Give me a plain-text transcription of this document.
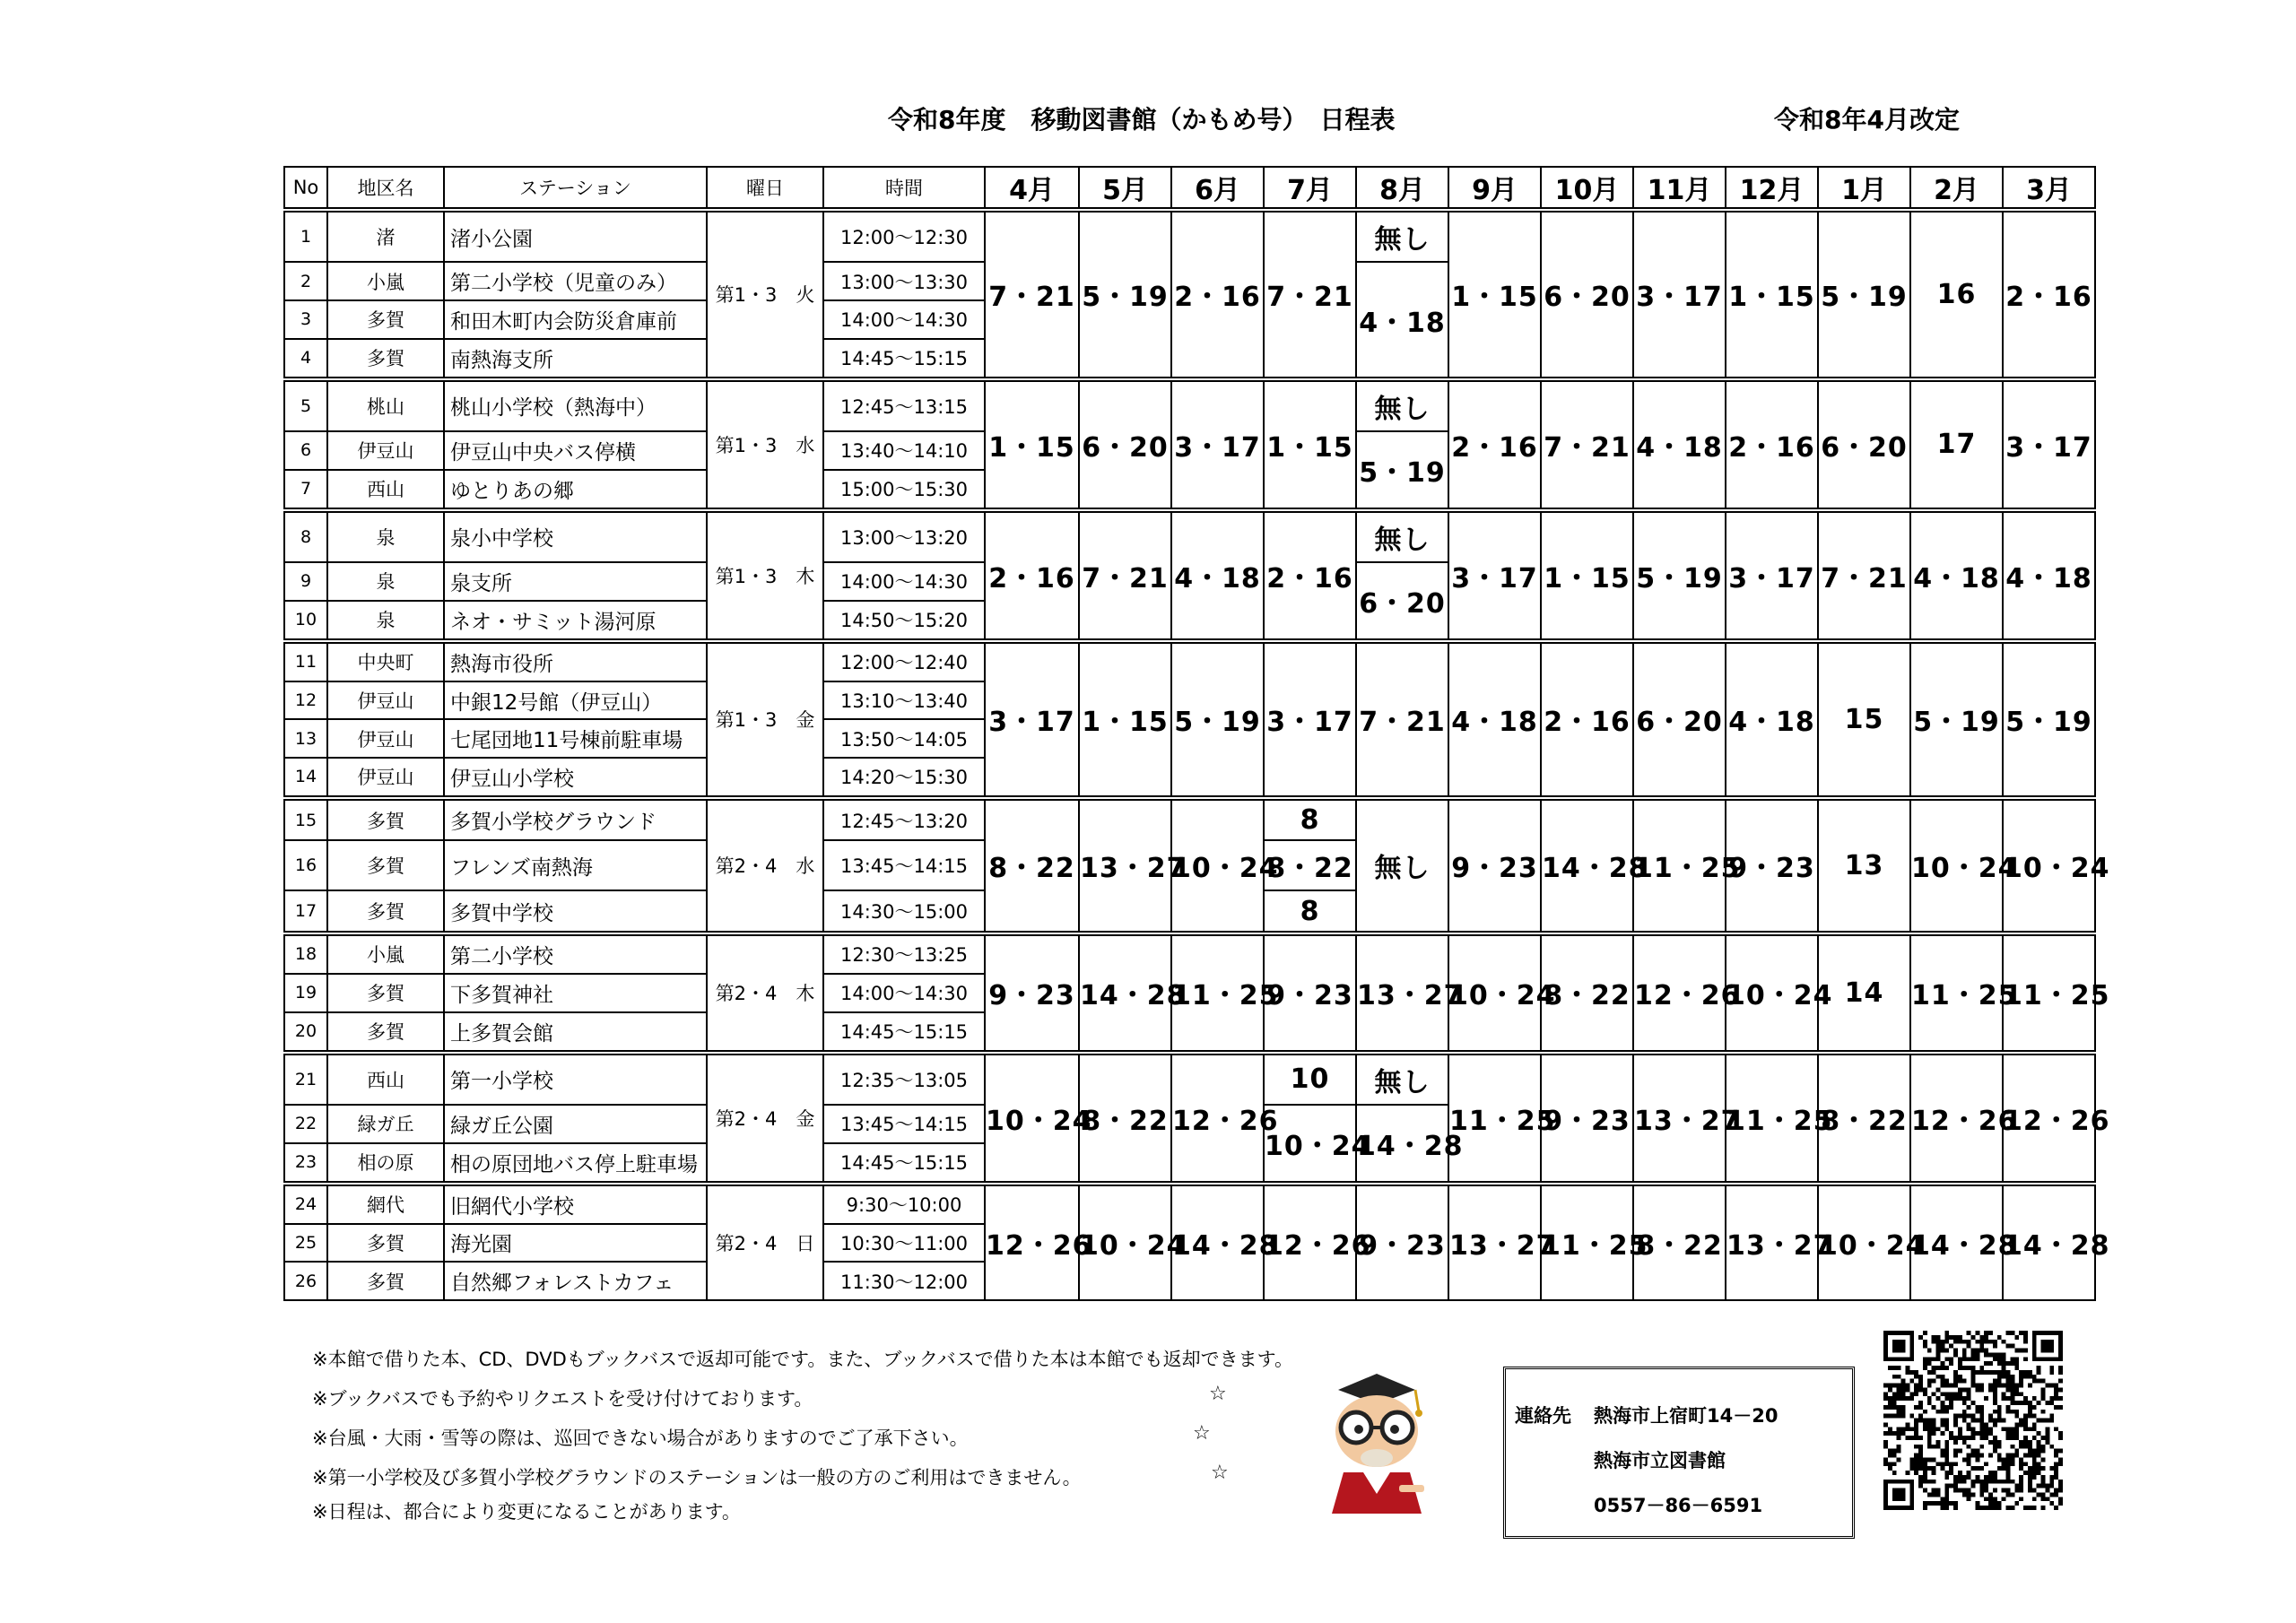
令和8年度　移動図書館（かもめ号）　日程表	令和8年4月改定
No	地区名	ステーション	曜日	時間	4月	5月	6月	7月	8月	9月	10月	11月	12月	1月	2月	3月
1	渚	渚小公園	第1・3　火	12:00～12:30	7・21	5・19	2・16	7・21	無し	1・15	6・20	3・17	1・15	5・19	16	2・16
2	小嵐	第二小学校（児童のみ）		13:00～13:30					4・18							
3	多賀	和田木町内会防災倉庫前		14:00～14:30												
4	多賀	南熱海支所		14:45～15:15												
5	桃山	桃山小学校（熱海中）	第1・3　水	12:45～13:15	1・15	6・20	3・17	1・15	無し	2・16	7・21	4・18	2・16	6・20	17	3・17
6	伊豆山	伊豆山中央バス停横		13:40～14:10					5・19							
7	西山	ゆとりあの郷		15:00～15:30												
8	泉	泉小中学校	第1・3　木	13:00～13:20	2・16	7・21	4・18	2・16	無し	3・17	1・15	5・19	3・17	7・21	4・18	4・18
9	泉	泉支所		14:00～14:30					6・20							
10	泉	ネオ・サミット湯河原		14:50～15:20												
11	中央町	熱海市役所	第1・3　金	12:00～12:40	3・17	1・15	5・19	3・17	7・21	4・18	2・16	6・20	4・18	15	5・19	5・19
12	伊豆山	中銀12号館（伊豆山）		13:10～13:40												
13	伊豆山	七尾団地11号棟前駐車場		13:50～14:05												
14	伊豆山	伊豆山小学校		14:20～15:30												
15	多賀	多賀小学校グラウンド	第2・4　水	12:45～13:20	8・22	13・27	10・24	8	無し	9・23	14・28	11・25	9・23	13	10・24	10・24
16	多賀	フレンズ南熱海		13:45～14:15				8・22								
17	多賀	多賀中学校		14:30～15:00				8								
18	小嵐	第二小学校	第2・4　木	12:30～13:25	9・23	14・28	11・25	9・23	13・27	10・24	8・22	12・26	10・24	14	11・25	11・25
19	多賀	下多賀神社		14:00～14:30												
20	多賀	上多賀会館		14:45～15:15												
21	西山	第一小学校	第2・4　金	12:35～13:05	10・24	8・22	12・26	10	無し	11・25	9・23	13・27	11・25	8・22	12・26	12・26
22	緑ガ丘	緑ガ丘公園		13:45～14:15				10・24	14・28							
23	相の原	相の原団地バス停上駐車場		14:45～15:15												
24	網代	旧網代小学校	第2・4　日	9:30～10:00	12・26	10・24	14・28	12・26	9・23	13・27	11・25	8・22	13・27	10・24	14・28	14・28
25	多賀	海光園		10:30～11:00												
26	多賀	自然郷フォレストカフェ		11:30～12:00												
※本館で借りた本、CD、DVDもブックバスで返却可能です。また、ブックバスで借りた本は本館でも返却できます。
※ブックバスでも予約やリクエストを受け付けております。
※台風・大雨・雪等の際は、巡回できない場合がありますのでご了承下さい。
※第一小学校及び多賀小学校グラウンドのステーションは一般の方のご利用はできません。
※日程は、都合により変更になることがあります。
☆
☆
☆
連絡先 熱海市上宿町14－20
熱海市立図書館
0557－86－6591
